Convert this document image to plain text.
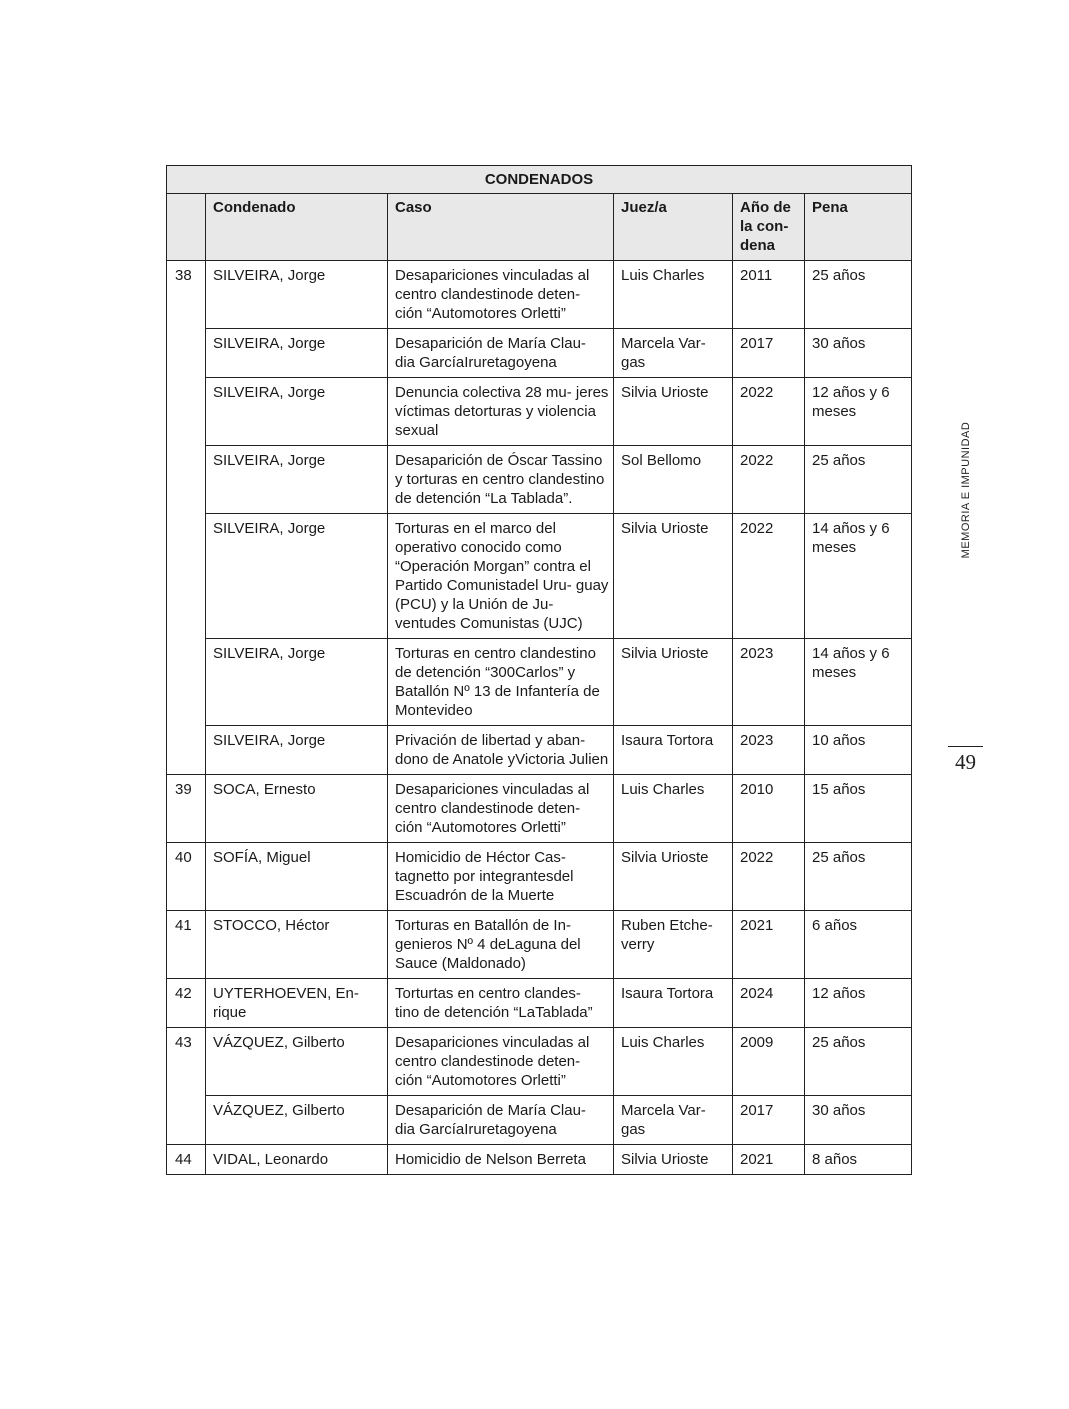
CONDENADOS					
	Condenado	Caso	Juez/a	Año de la con- dena	Pena
38	SILVEIRA, Jorge	Desapariciones vinculadas al centro clandestinode deten- ción “Automotores Orletti”	Luis Charles	2011	25 años
	SILVEIRA, Jorge	Desaparición de María Clau- dia GarcíaIruretagoyena	Marcela Var- gas	2017	30 años
	SILVEIRA, Jorge	Denuncia colectiva 28 mu- jeres víctimas detorturas y violencia sexual	Silvia Urioste	2022	12 años y 6 meses
	SILVEIRA, Jorge	Desaparición de Óscar Tassino y torturas en centro clandestino de detención “La Tablada”.	Sol Bellomo	2022	25 años
	SILVEIRA, Jorge	Torturas en el marco del operativo conocido como “Operación Morgan” contra el Partido Comunistadel Uru- guay (PCU) y la Unión de Ju- ventudes Comunistas (UJC)	Silvia Urioste	2022	14 años y 6 meses
	SILVEIRA, Jorge	Torturas en centro clandestino de detención “300Carlos” y Batallón Nº 13 de Infantería de Montevideo	Silvia Urioste	2023	14 años y 6 meses
	SILVEIRA, Jorge	Privación de libertad y aban- dono de Anatole yVictoria Julien	Isaura Tortora	2023	10 años
39	SOCA, Ernesto	Desapariciones vinculadas al centro clandestinode deten- ción “Automotores Orletti”	Luis Charles	2010	15 años
40	SOFÍA, Miguel	Homicidio de Héctor Cas- tagnetto por integrantesdel Escuadrón de la Muerte	Silvia Urioste	2022	25 años
41	STOCCO, Héctor	Torturas en Batallón de In- genieros Nº 4 deLaguna del Sauce (Maldonado)	Ruben Etche- verry	2021	6 años
42	UYTERHOEVEN, En- rique	Torturtas en centro clandes- tino de detención “LaTablada”	Isaura Tortora	2024	12 años
43	VÁZQUEZ, Gilberto	Desapariciones vinculadas al centro clandestinode deten- ción “Automotores Orletti”	Luis Charles	2009	25 años
	VÁZQUEZ, Gilberto	Desaparición de María Clau- dia GarcíaIruretagoyena	Marcela Var- gas	2017	30 años
44	VIDAL, Leonardo	Homicidio de Nelson Berreta	Silvia Urioste	2021	8 años
MEMORIA E IMPUNIDAD
49
